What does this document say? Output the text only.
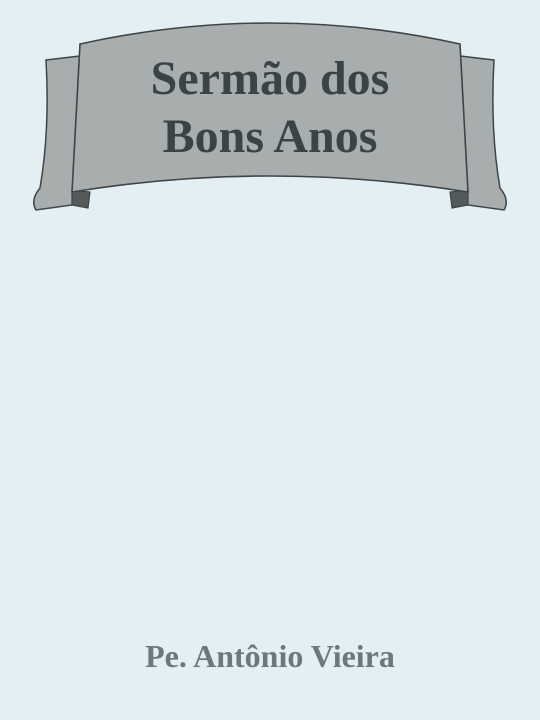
Sermão dos
Bons Anos
Pe. Antônio Vieira
